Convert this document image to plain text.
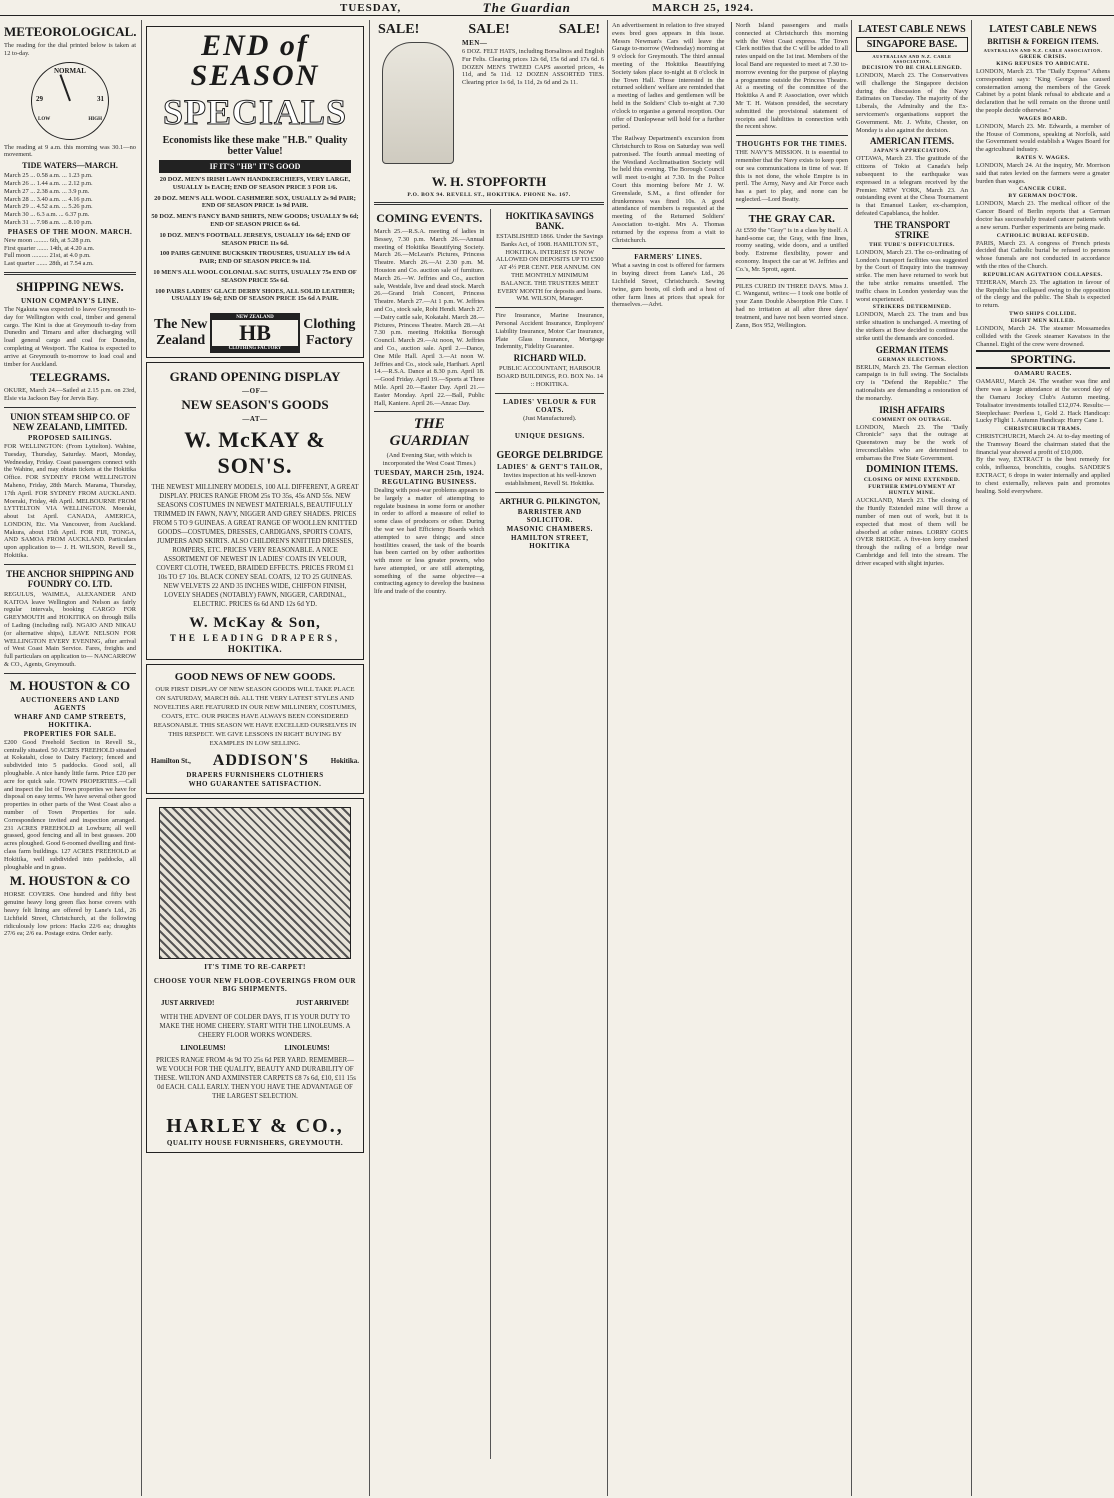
TUESDAY,	The Guardian	MARCH 25, 1924.
METEOROLOGICAL.

The reading for the dial printed below is taken at 12 to-day.

NORMAL
29	31
LOW	HIGH

The reading at 9 a.m. this morning was 30.1—no movement.

TIDE WATERS—MARCH.

March 25 ... 0.58 a.m. ... 1.23 p.m.

March 26 ... 1.44 a.m. ... 2.12 p.m.

March 27 ... 2.38 a.m. ... 3.9 p.m.

March 28 ... 3.40 a.m. ... 4.16 p.m.

March 29 ... 4.52 a.m. ... 5.26 p.m.

March 30 ... 6.3 a.m. ... 6.37 p.m.

March 31 ... 7.98 a.m. ... 8.10 p.m.

PHASES OF THE MOON. MARCH.

New moon ......... 6th, at 5.28 p.m.

First quarter ....... 14th, at 4.20 a.m.

Full moon .......... 21st, at 4.0 p.m.

Last quarter ....... 28th, at 7.54 a.m.

SHIPPING NEWS.
UNION COMPANY'S LINE.

The Ngakuta was expected to leave Greymouth to-day for Wellington with coal, timber and general cargo. The Kini is due at Greymouth to-day from Dunedin and Timaru and after discharging will load general cargo and coal for Dunedin, completing at Westport. The Kaitoa is expected to arrive at Greymouth to-morrow to load coal and timber for Auckland.

TELEGRAMS.

OKURE, March 24.—Sailed at 2.15 p.m. on 23rd, Elsie via Jackson Bay for Jervis Bay.

UNION STEAM SHIP CO. OF NEW ZEALAND, LIMITED.
PROPOSED SAILINGS.

FOR WELLINGTON: (From Lyttelton). Wahine, Tuesday, Thursday, Saturday. Maori, Monday, Wednesday, Friday. Coast passengers connect with the Wahine, and may obtain tickets at the Hokitika Office. FOR SYDNEY FROM WELLINGTON Maheno, Friday, 28th March. Marama, Thursday, 17th April. FOR SYDNEY FROM AUCKLAND. Moeraki, Friday, 4th April. MELBOURNE FROM LYTTELTON VIA WELLINGTON. Moeraki, about 1st April. CANADA, AMERICA, LONDON, Etc. Via Vancouver, from Auckland. Makura, about 15th April. FOR FIJI, TONGA, AND SAMOA FROM AUCKLAND. Particulars upon application to— J. H. WILSON, Revell St., Hokitika.

THE ANCHOR SHIPPING AND FOUNDRY CO. LTD.

REGULUS, WAIMEA, ALEXANDER AND KAITOA leave Wellington and Nelson as fairly regular intervals, booking CARGO FOR GREYMOUTH and HOKITIKA on through Bills of Lading (including rail). NGAIO AND NIKAU (or alternative ships), LEAVE NELSON FOR WELLINGTON EVERY EVENING, after arrival of West Coast Main Service. Fares, freights and full particulars on application to— NANCARROW & CO., Agents, Greymouth.

M. HOUSTON & CO
AUCTIONEERS AND LAND AGENTS
WHARF AND CAMP STREETS, HOKITIKA.
PROPERTIES FOR SALE.

£200 Good Freehold Section in Revell St., centrally situated. 50 ACRES FREEHOLD situated at Kokatahi, close to Dairy Factory; fenced and subdivided into 5 paddocks. Good soil, all ploughable. A nice handy little farm. Price £20 per acre for quick sale. TOWN PROPERTIES.—Call and inspect the list of Town properties we have for disposal on easy terms. We have several other good properties in other parts of the West Coast also a number of Town Properties for sale. Correspondence invited and inspection arranged. 231 ACRES FREEHOLD at Lowburn; all well grassed, good fencing and all in best grasses. 200 acres ploughed. Good 6-roomed dwelling and first-class farm buildings. 127 ACRES FREEHOLD at Hokitika, well subdivided into paddocks, all ploughable and in grass.

M. HOUSTON & CO

HORSE COVERS. One hundred and fifty best genuine heavy long green flax horse covers with heavy felt lining are offered by Lane's Ltd., 26 Lichfield Street, Christchurch, at the following ridiculously low prices: Hacks 22/6 ea; draughts 27/6 ea; 2/6 ea. Postage extra. Order early.

END of SEASON
SPECIALS
Economists like these make "H.B." Quality better Value!
IF IT'S "HB" IT'S GOOD

20 DOZ. MEN'S IRISH LAWN HANDKERCHIEFS, VERY LARGE, USUALLY 1s EACH; END OF SEASON PRICE 3 FOR 1/6.

20 DOZ. MEN'S ALL WOOL CASHMERE SOX, USUALLY 2s 9d PAIR; END OF SEASON PRICE 1s 9d PAIR.

50 DOZ. MEN'S FANCY BAND SHIRTS, NEW GOODS; USUALLY 9s 6d; END OF SEASON PRICE 6s 6d.

10 DOZ. MEN'S FOOTBALL JERSEYS, USUALLY 16s 6d; END OF SEASON PRICE 11s 6d.

100 PAIRS GENUINE BUCKSKIN TROUSERS, USUALLY 19s 6d A PAIR; END OF SEASON PRICE 9s 11d.

10 MEN'S ALL WOOL COLONIAL SAC SUITS, USUALLY 75s END OF SEASON PRICE 55s 6d.

100 PAIRS LADIES' GLACE DERBY SHOES, ALL SOLID LEATHER; USUALLY 19s 6d; END OF SEASON PRICE 15s 6d A PAIR.

The New Zealand
NEW ZEALAND
HB
CLOTHING FACTORY
Clothing Factory
GRAND OPENING DISPLAY
—OF—
NEW SEASON'S GOODS
—AT—
W. McKAY & SON'S.

THE NEWEST MILLINERY MODELS, 100 ALL DIFFERENT, A GREAT DISPLAY. PRICES RANGE FROM 25s TO 35s, 45s AND 55s. NEW SEASONS COSTUMES IN NEWEST MATERIALS, BEAUTIFULLY TRIMMED IN FAWN, NAVY, NIGGER AND GREY SHADES. PRICES FROM 5 TO 9 GUINEAS. A GREAT RANGE OF WOOLLEN KNITTED GOODS—COSTUMES, DRESSES, CARDIGANS, SPORTS COATS, JUMPERS AND SKIRTS. ALSO CHILDREN'S KNITTED DRESSES, ROMPERS, ETC. PRICES VERY REASONABLE. A NICE ASSORTMENT OF NEWEST IN LADIES' COATS IN VELOUR, COVERT CLOTH, TWEED, BRAIDED EFFECTS. PRICES FROM £1 10s TO £7 10s. BLACK CONEY SEAL COATS, 12 TO 25 GUINEAS. NEW VELVETS 22 AND 35 INCHES WIDE, CHIFFON FINISH, LOVELY SHADES (NOTABLY) FAWN, NIGGER, CARDINAL, ELECTRIC. PRICES 6s 6d AND 12s 6d YD.

W. McKay & Son,
THE LEADING DRAPERS,
HOKITIKA.
GOOD NEWS OF NEW GOODS.

OUR FIRST DISPLAY OF NEW SEASON GOODS WILL TAKE PLACE ON SATURDAY, MARCH 8th. ALL THE VERY LATEST STYLES AND NOVELTIES ARE FEATURED IN OUR NEW MILLINERY, COSTUMES, COATS, ETC. OUR PRICES HAVE ALWAYS BEEN CONSIDERED REASONABLE. THIS SEASON WE HAVE EXCELLED OURSELVES IN THIS RESPECT. WE GIVE LESSONS IN RIGHT BUYING BY EXAMPLES IN LOW SELLING.

Hamilton St., ADDISON'S	Hokitika.
DRAPERS FURNISHERS CLOTHIERS
WHO GUARANTEE SATISFACTION.
IT'S TIME TO RE-CARPET!
CHOOSE YOUR NEW FLOOR-COVERINGS FROM OUR BIG SHIPMENTS.
JUST ARRIVED!	JUST ARRIVED!

WITH THE ADVENT OF COLDER DAYS, IT IS YOUR DUTY TO MAKE THE HOME CHEERY. START WITH THE LINOLEUMS. A CHEERY FLOOR WORKS WONDERS.

LINOLEUMS!	LINOLEUMS!

PRICES RANGE FROM 4s 9d TO 25s 6d PER YARD. REMEMBER—WE VOUCH FOR THE QUALITY, BEAUTY AND DURABILITY OF THESE. WILTON AND AXMINSTER CARPETS £8 7s 6d, £10, £11 15s 0d EACH. CALL EARLY. THEN YOU HAVE THE ADVANTAGE OF THE LARGEST SELECTION.

HARLEY & CO.,
QUALITY HOUSE FURNISHERS, GREYMOUTH.
SALE!	SALE!	SALE!
MEN—

6 DOZ. FELT HATS, including Borsalinos and English Fur Felts. Clearing prices 12s 6d, 15s 6d and 17s 6d. 6 DOZEN MEN'S TWEED CAPS assorted prices, 4s 11d, and 5s 11d. 12 DOZEN ASSORTED TIES. Clearing price 1s 6d, 1s 11d, 2s 6d and 2s 11.

W. H. STOPFORTH
P.O. BOX 94. REVELL ST., HOKITIKA. PHONE No. 167.
COMING EVENTS.

March 25.—R.S.A. meeting of ladies in Bessey, 7.30 p.m. March 26.—Annual meeting of Hokitika Beautifying Society. March 26.—McLean's Pictures, Princess Theatre. March 26.—At 2.30 p.m. M. Houston and Co. auction sale of furniture. March 26.—W. Jeffries and Co., auction sale, Westdale, live and dead stock. March 26.—Grand Irish Concert, Princess Theatre. March 27.—At 1 p.m. W. Jeffries and Co., stock sale, Rohi Hendi. March 27.—Dairy cattle sale, Kokatahi. March 28.—Pictures, Princess Theatre. March 28.—At 7.30 p.m. meeting Hokitika Borough Council. March 29.—At noon, W. Jeffries and Co., auction sale. April 2.—Dance, One Mile Hall. April 3.—At noon W. Jeffries and Co., stock sale, Harihari. April 14.—R.S.A. Dance at 8.30 p.m. April 18.—Good Friday. April 19.—Sports at Three Mile. April 20.—Easter Day. April 21.—Easter Monday. April 22.—Ball, Public Hall, Kaniere. April 26.—Anzac Day.

THE GUARDIAN

(And Evening Star, with which is incorporated the West Coast Times.)

TUESDAY, MARCH 25th, 1924.
REGULATING BUSINESS.

Dealing with post-war problems appears to be largely a matter of attempting to regulate business in some form or another in order to afford a measure of relief to some class of producers or other. During the war we had Efficiency Boards which attempted to save things; and since hostilities ceased, the task of the boards has been carried on by other authorities with more or less greater powers, who have attempted, or are still attempting, something of the same objective—a contracting agency to develop the business life and trade of the country.

HOKITIKA SAVINGS BANK.

ESTABLISHED 1866. Under the Savings Banks Act, of 1908. HAMILTON ST., HOKITIKA. INTEREST IS NOW ALLOWED ON DEPOSITS UP TO £500 AT 4½ PER CENT. PER ANNUM. ON THE MONTHLY MINIMUM BALANCE. THE TRUSTEES MEET EVERY MONTH for deposits and loans. WM. WILSON, Manager.

Fire Insurance, Marine Insurance, Personal Accident Insurance, Employers' Liability Insurance, Motor Car Insurance, Plate Glass Insurance, Mortgage Indemnity, Fidelity Guarantee.

RICHARD WILD.

PUBLIC ACCOUNTANT, HARBOUR BOARD BUILDINGS, P.O. BOX No. 14 :: HOKITIKA.

LADIES' VELOUR & FUR COATS.

(Just Manufactured).

UNIQUE DESIGNS.
GEORGE DELBRIDGE
LADIES' & GENT'S TAILOR,

Invites inspection at his well-known establishment, Revell St. Hokitika.

ARTHUR G. PILKINGTON,
BARRISTER AND SOLICITOR.
MASONIC CHAMBERS.
HAMILTON STREET, HOKITIKA

An advertisement in relation to five strayed ewes bred goes appears in this issue. Messrs Newman's Cars will leave the Garage to-morrow (Wednesday) morning at 9 o'clock for Greymouth. The third annual meeting of the Hokitika Beautifying Society takes place to-night at 8 o'clock in the Town Hall. Those interested in the returned soldiers' welfare are reminded that a meeting of ladies and gentlemen will be held in the Soldiers' Club to-night at 7.30 o'clock to organise a general reception. Our offer of Dunlopwear will hold for a further period.

The Railway Department's excursion from Christchurch to Ross on Saturday was well patronised. The fourth annual meeting of the Westland Acclimatisation Society will be held this evening. The Borough Council will meet to-night at 7.30. In the Police Court this morning before Mr J. W. Greenslade, S.M., a first offender for drunkenness was fined 10s. A good attendance of members is requested at the meeting of the Returned Soldiers' Association to-night. Mrs A. Thomas returned by the express from a visit to Christchurch.

FARMERS' LINES.

What a saving in cost is offered for farmers in buying direct from Lane's Ltd., 26 Lichfield Street, Christchurch. Sewing twine, gum boots, oil cloth and a host of other farm lines at prices that speak for themselves.—Advt.

North Island passengers and mails connected at Christchurch this morning with the West Coast express. The Town Clerk notifies that the C will be added to all rates unpaid on the 1st inst. Members of the local Band are requested to meet at 7.30 to-morrow evening for the purpose of playing a programme outside the Princess Theatre. At a meeting of the committee of the Hokitika A and P. Association, over which Mr T. H. Watson presided, the secretary submitted the provisional statement of receipts and liabilities in connection with the recent show.

THOUGHTS FOR THE TIMES.

THE NAVY'S MISSION. It is essential to remember that the Navy exists to keep open our sea communications in time of war. If this is not done, the whole Empire is in peril. The Army, Navy and Air Force each has a part to play, and none can be neglected.—Lord Beatty.

THE GRAY CAR.

At £550 the "Gray" is in a class by itself. A hand-some car, the Gray, with fine lines, roomy seating, wide doors, and a unified body. Extreme flexibility, power and economy. Inspect the car at W. Jeffries and Co.'s, Mr. Sprott, agent.

PILES CURED IN THREE DAYS. Miss J. C. Wanganui, writes:— I took one bottle of your Zann Double Absorption Pile Cure. I had no irritation at all after three days' treatment, and have not been worried since. Zann, Box 952, Wellington.

LATEST CABLE NEWS
SINGAPORE BASE.
AUSTRALIAN AND N.Z. CABLE ASSOCIATION.
DECISION TO BE CHALLENGED.

LONDON, March 23. The Conservatives will challenge the Singapore decision during the discussion of the Navy Estimates on Tuesday. The majority of the Liberals, the Admiralty and the Ex-servicemen's organisations support the Government. Mr. J. White, Chester, on Monday is also against the decision.

AMERICAN ITEMS.
JAPAN'S APPRECIATION.

OTTAWA, March 23. The gratitude of the citizens of Tokio at Canada's help subsequent to the earthquake was expressed in a telegram received by the Premier. NEW YORK, March 23. An outstanding event at the Chess Tournament is that Emanuel Lasker, ex-champion, defeated Capablanca, the holder.

THE TRANSPORT STRIKE
THE TUBE'S DIFFICULTIES.

LONDON, March 23. The co-ordinating of London's transport facilities was suggested by the Court of Enquiry into the tramway strike. The men have returned to work but the tube strike remains unsettled. The traffic chaos in London yesterday was the worst experienced.

STRIKERS DETERMINED.

LONDON, March 23. The tram and bus strike situation is unchanged. A meeting of the strikers at Bow decided to continue the strike until the demands are conceded.

GERMAN ITEMS
GERMAN ELECTIONS.

BERLIN, March 23. The German election campaign is in full swing. The Socialists cry is "Defend the Republic." The nationalists are demanding a restoration of the monarchy.

IRISH AFFAIRS
COMMENT ON OUTRAGE.

LONDON, March 23. The "Daily Chronicle" says that the outrage at Queenstown may be the work of irreconcilables who are determined to embarrass the Free State Government.

DOMINION ITEMS.
CLOSING OF MINE EXTENDED.
FURTHER EMPLOYMENT AT HUNTLY MINE.

AUCKLAND, March 23. The closing of the Huntly Extended mine will throw a number of men out of work, but it is expected that most of them will be absorbed at other mines. LORRY GOES OVER BRIDGE. A five-ton lorry crashed through the railing of a bridge near Cambridge and fell into the stream. The driver escaped with slight injuries.

LATEST CABLE NEWS
BRITISH & FOREIGN ITEMS.
AUSTRALIAN AND N.Z. CABLE ASSOCIATION.
GREEK CRISIS.
KING REFUSES TO ABDICATE.

LONDON, March 23. The "Daily Express" Athens correspondent says: "King George has caused consternation among the members of the Greek Cabinet by a point blank refusal to abdicate and a declaration that he will remain on the throne until the people decide otherwise."

WAGES BOARD.

LONDON, March 23. Mr. Edwards, a member of the House of Commons, speaking at Norfolk, said the Government would establish a Wages Board for the agricultural industry.

RATES V. WAGES.

LONDON, March 24. At the inquiry, Mr. Morrison said that rates levied on the farmers were a greater burden than wages.

CANCER CURE.
BY GERMAN DOCTOR.

LONDON, March 23. The medical officer of the Cancer Board of Berlin reports that a German doctor has successfully treated cancer patients with a new serum. Further experiments are being made.

CATHOLIC BURIAL REFUSED.

PARIS, March 23. A congress of French priests decided that Catholic burial be refused to persons whose funerals are not conducted in accordance with the rites of the Church.

REPUBLICAN AGITATION COLLAPSES.

TEHERAN, March 23. The agitation in favour of the Republic has collapsed owing to the opposition of the clergy and the public. The Shah is expected to return.

TWO SHIPS COLLIDE.
EIGHT MEN KILLED.

LONDON, March 24. The steamer Mossamedes collided with the Greek steamer Kavatsos in the Channel. Eight of the crew were drowned.

SPORTING.
OAMARU RACES.

OAMARU, March 24. The weather was fine and there was a large attendance at the second day of the Oamaru Jockey Club's Autumn meeting. Totalisator investments totalled £12,074. Results:— Steeplechase: Peerless 1, Gold 2. Hack Handicap: Lucky Flight 1. Autumn Handicap: Hurry Cane 1.

CHRISTCHURCH TRAMS.

CHRISTCHURCH, March 24. At to-day meeting of the Tramway Board the chairman stated that the financial year showed a profit of £10,000.

By the way, EXTRACT is the best remedy for colds, influenza, bronchitis, coughs. SANDER'S EXTRACT, 6 drops in water internally and applied to chest externally, relieves pain and promotes healing. Sold everywhere.
